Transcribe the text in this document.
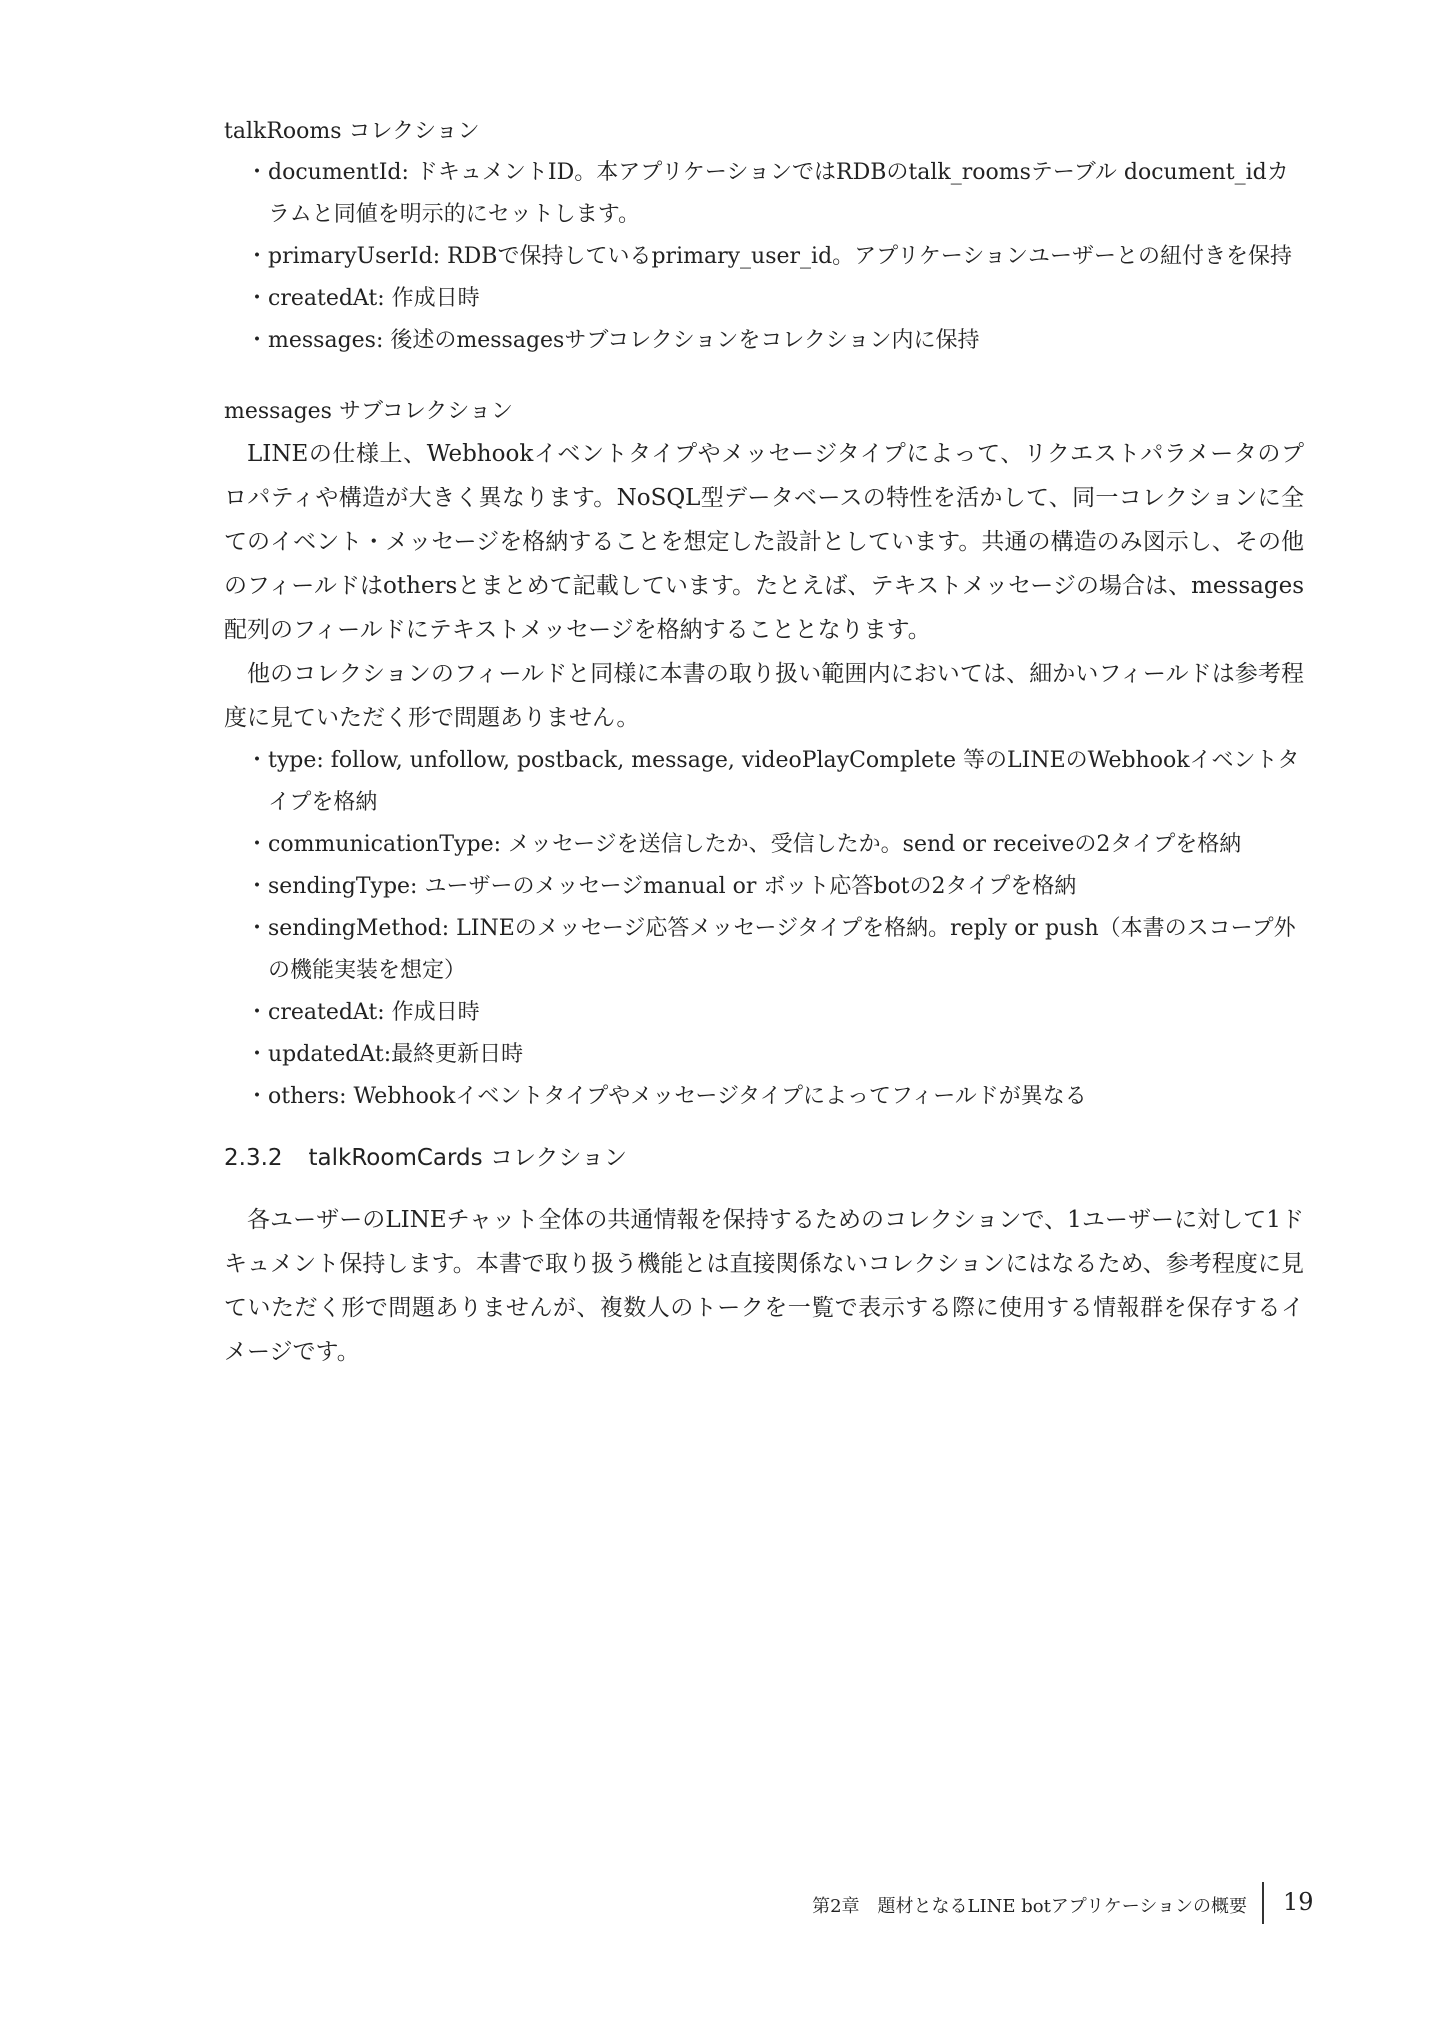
talkRooms コレクション
・documentId: ドキュメントID。本アプリケーションではRDBのtalk_roomsテーブル document_idカラムと同値を明示的にセットします。
・primaryUserId: RDBで保持しているprimary_user_id。アプリケーションユーザーとの紐付きを保持
・createdAt: 作成日時
・messages: 後述のmessagesサブコレクションをコレクション内に保持
messages サブコレクション

LINEの仕様上、Webhookイベントタイプやメッセージタイプによって、リクエストパラメータのプロパティや構造が大きく異なります。NoSQL型データベースの特性を活かして、同一コレクションに全てのイベント・メッセージを格納することを想定した設計としています。共通の構造のみ図示し、その他のフィールドはothersとまとめて記載しています。たとえば、テキストメッセージの場合は、messages配列のフィールドにテキストメッセージを格納することとなります。

他のコレクションのフィールドと同様に本書の取り扱い範囲内においては、細かいフィールドは参考程度に見ていただく形で問題ありません。

・type: follow, unfollow, postback, message, videoPlayComplete 等のLINEのWebhookイベントタイプを格納
・communicationType: メッセージを送信したか、受信したか。send or receiveの2タイプを格納
・sendingType: ユーザーのメッセージmanual or ボット応答botの2タイプを格納
・sendingMethod: LINEのメッセージ応答メッセージタイプを格納。reply or push（本書のスコープ外の機能実装を想定）
・createdAt: 作成日時
・updatedAt:最終更新日時
・others: Webhookイベントタイプやメッセージタイプによってフィールドが異なる
2.3.2 talkRoomCards コレクション

各ユーザーのLINEチャット全体の共通情報を保持するためのコレクションで、1ユーザーに対して1ドキュメント保持します。本書で取り扱う機能とは直接関係ないコレクションにはなるため、参考程度に見ていただく形で問題ありませんが、複数人のトークを一覧で表示する際に使用する情報群を保存するイメージです。

第2章　題材となるLINE botアプリケーションの概要 19
